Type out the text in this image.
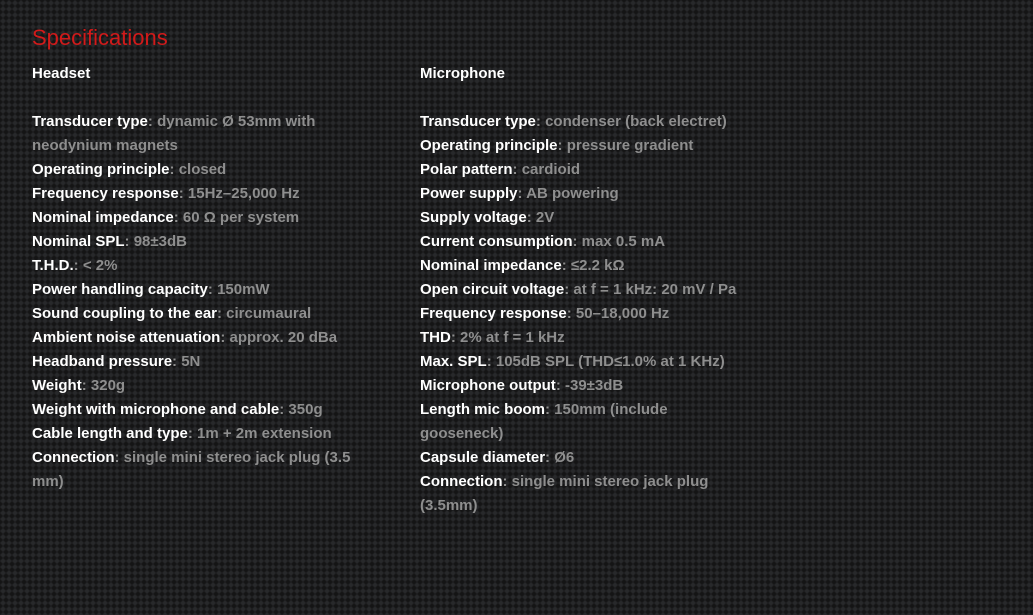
Specifications
Headset
Transducer type: dynamic Ø 53mm with neodynium magnets
Operating principle: closed
Frequency response: 15Hz–25,000 Hz
Nominal impedance: 60 Ω per system
Nominal SPL: 98±3dB
T.H.D.: < 2%
Power handling capacity: 150mW
Sound coupling to the ear: circumaural
Ambient noise attenuation: approx. 20 dBa
Headband pressure: 5N
Weight: 320g
Weight with microphone and cable: 350g
Cable length and type: 1m + 2m extension
Connection: single mini stereo jack plug (3.5 mm)
Microphone
Transducer type: condenser (back electret)
Operating principle: pressure gradient
Polar pattern: cardioid
Power supply: AB powering
Supply voltage: 2V
Current consumption: max 0.5 mA
Nominal impedance: ≤2.2 kΩ
Open circuit voltage: at f = 1 kHz: 20 mV / Pa
Frequency response: 50–18,000 Hz
THD: 2% at f = 1 kHz
Max. SPL: 105dB SPL (THD≤1.0% at 1 KHz)
Microphone output: -39±3dB
Length mic boom: 150mm (include gooseneck)
Capsule diameter: Ø6
Connection: single mini stereo jack plug (3.5mm)
